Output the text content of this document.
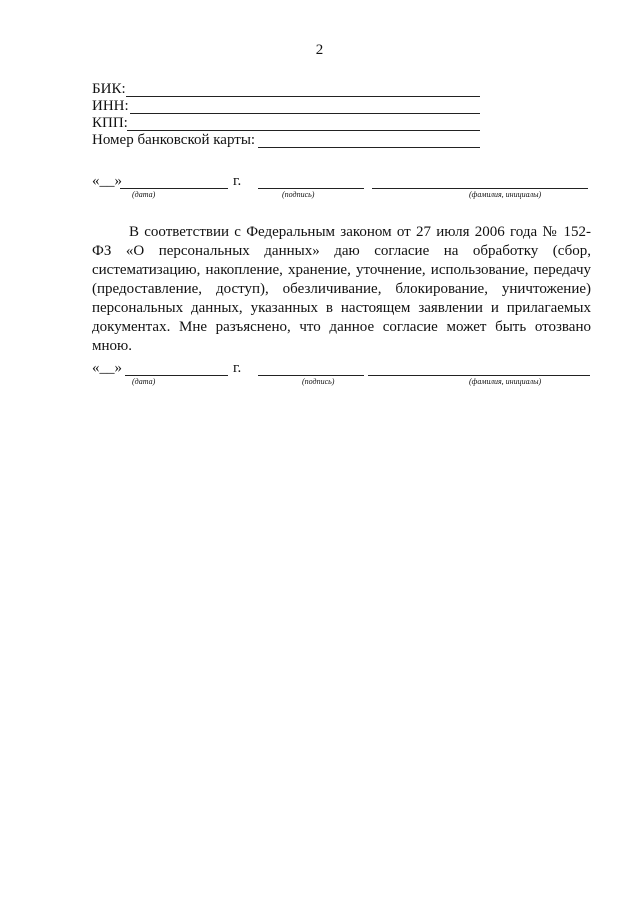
2
БИК:
ИНН:
КПП:
Номер банковской карты:
«__»	г.
(дата)	(подпись)	(фамилия, инициалы)
В соответствии с Федеральным законом от 27 июля 2006 года № 152-ФЗ «О персональных данных» даю согласие на обработку (сбор, систематизацию, накопление, хранение, уточнение, использование, передачу (предоставление, доступ), обезличивание, блокирование, уничтожение) персональных данных, указанных в настоящем заявлении и прилагаемых документах. Мне разъяснено, что данное согласие может быть отозвано мною.
«__»	г.
(дата)	(подпись)	(фамилия, инициалы)
